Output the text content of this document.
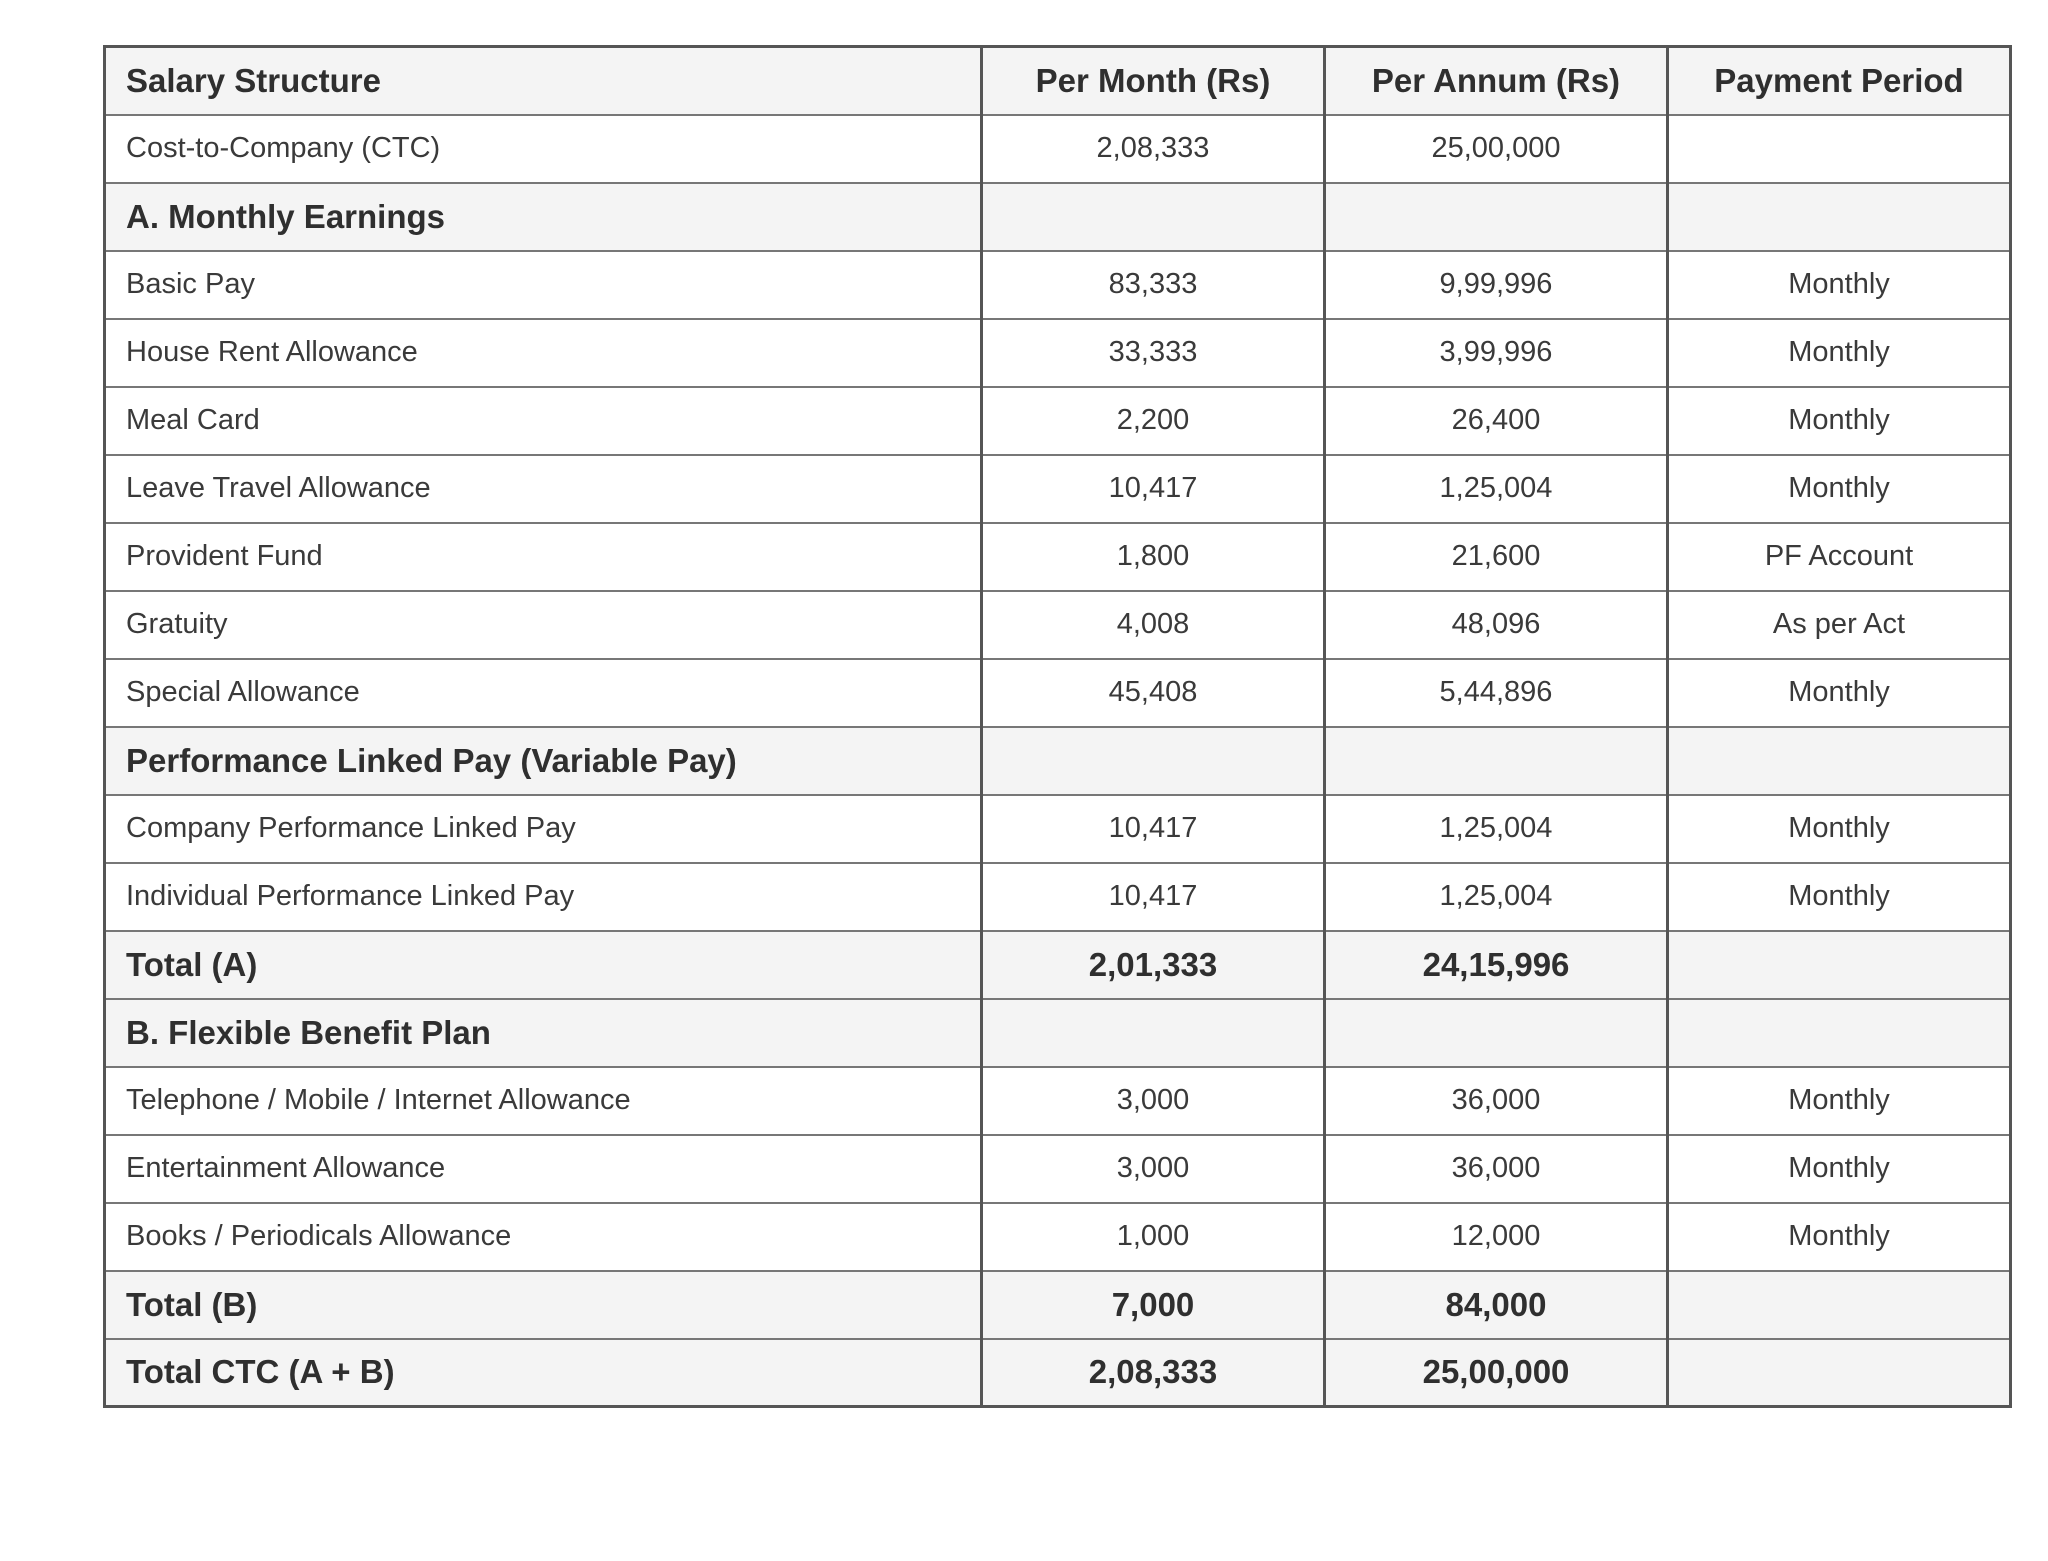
Salary Structure	Per Month (Rs)	Per Annum (Rs)	Payment Period
Cost-to-Company (CTC)	2,08,333	25,00,000	
A. Monthly Earnings			
Basic Pay	83,333	9,99,996	Monthly
House Rent Allowance	33,333	3,99,996	Monthly
Meal Card	2,200	26,400	Monthly
Leave Travel Allowance	10,417	1,25,004	Monthly
Provident Fund	1,800	21,600	PF Account
Gratuity	4,008	48,096	As per Act
Special Allowance	45,408	5,44,896	Monthly
Performance Linked Pay (Variable Pay)			
Company Performance Linked Pay	10,417	1,25,004	Monthly
Individual Performance Linked Pay	10,417	1,25,004	Monthly
Total (A)	2,01,333	24,15,996	
B. Flexible Benefit Plan			
Telephone / Mobile / Internet Allowance	3,000	36,000	Monthly
Entertainment Allowance	3,000	36,000	Monthly
Books / Periodicals Allowance	1,000	12,000	Monthly
Total (B)	7,000	84,000	
Total CTC (A + B)	2,08,333	25,00,000	
